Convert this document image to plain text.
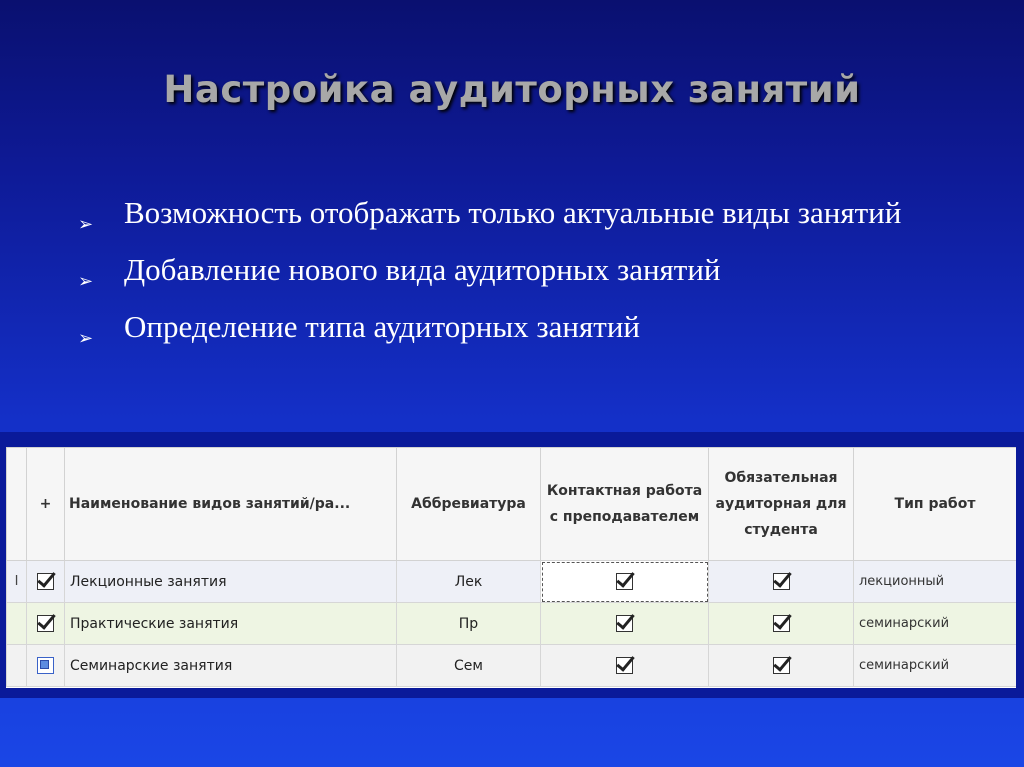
Настройка аудиторных занятий
➢ Возможность отображать только актуальные виды занятий
➢ Добавление нового вида аудиторных занятий
➢ Определение типа аудиторных занятий
	+	Наименование видов занятий/ра...	Аббревиатура	Контактная работа с преподавателем	Обязательная аудиторная для студента	Тип работ
I		Лекционные занятия	Лек			лекционный
		Практические занятия	Пр			семинарский
		Семинарские занятия	Сем			семинарский
